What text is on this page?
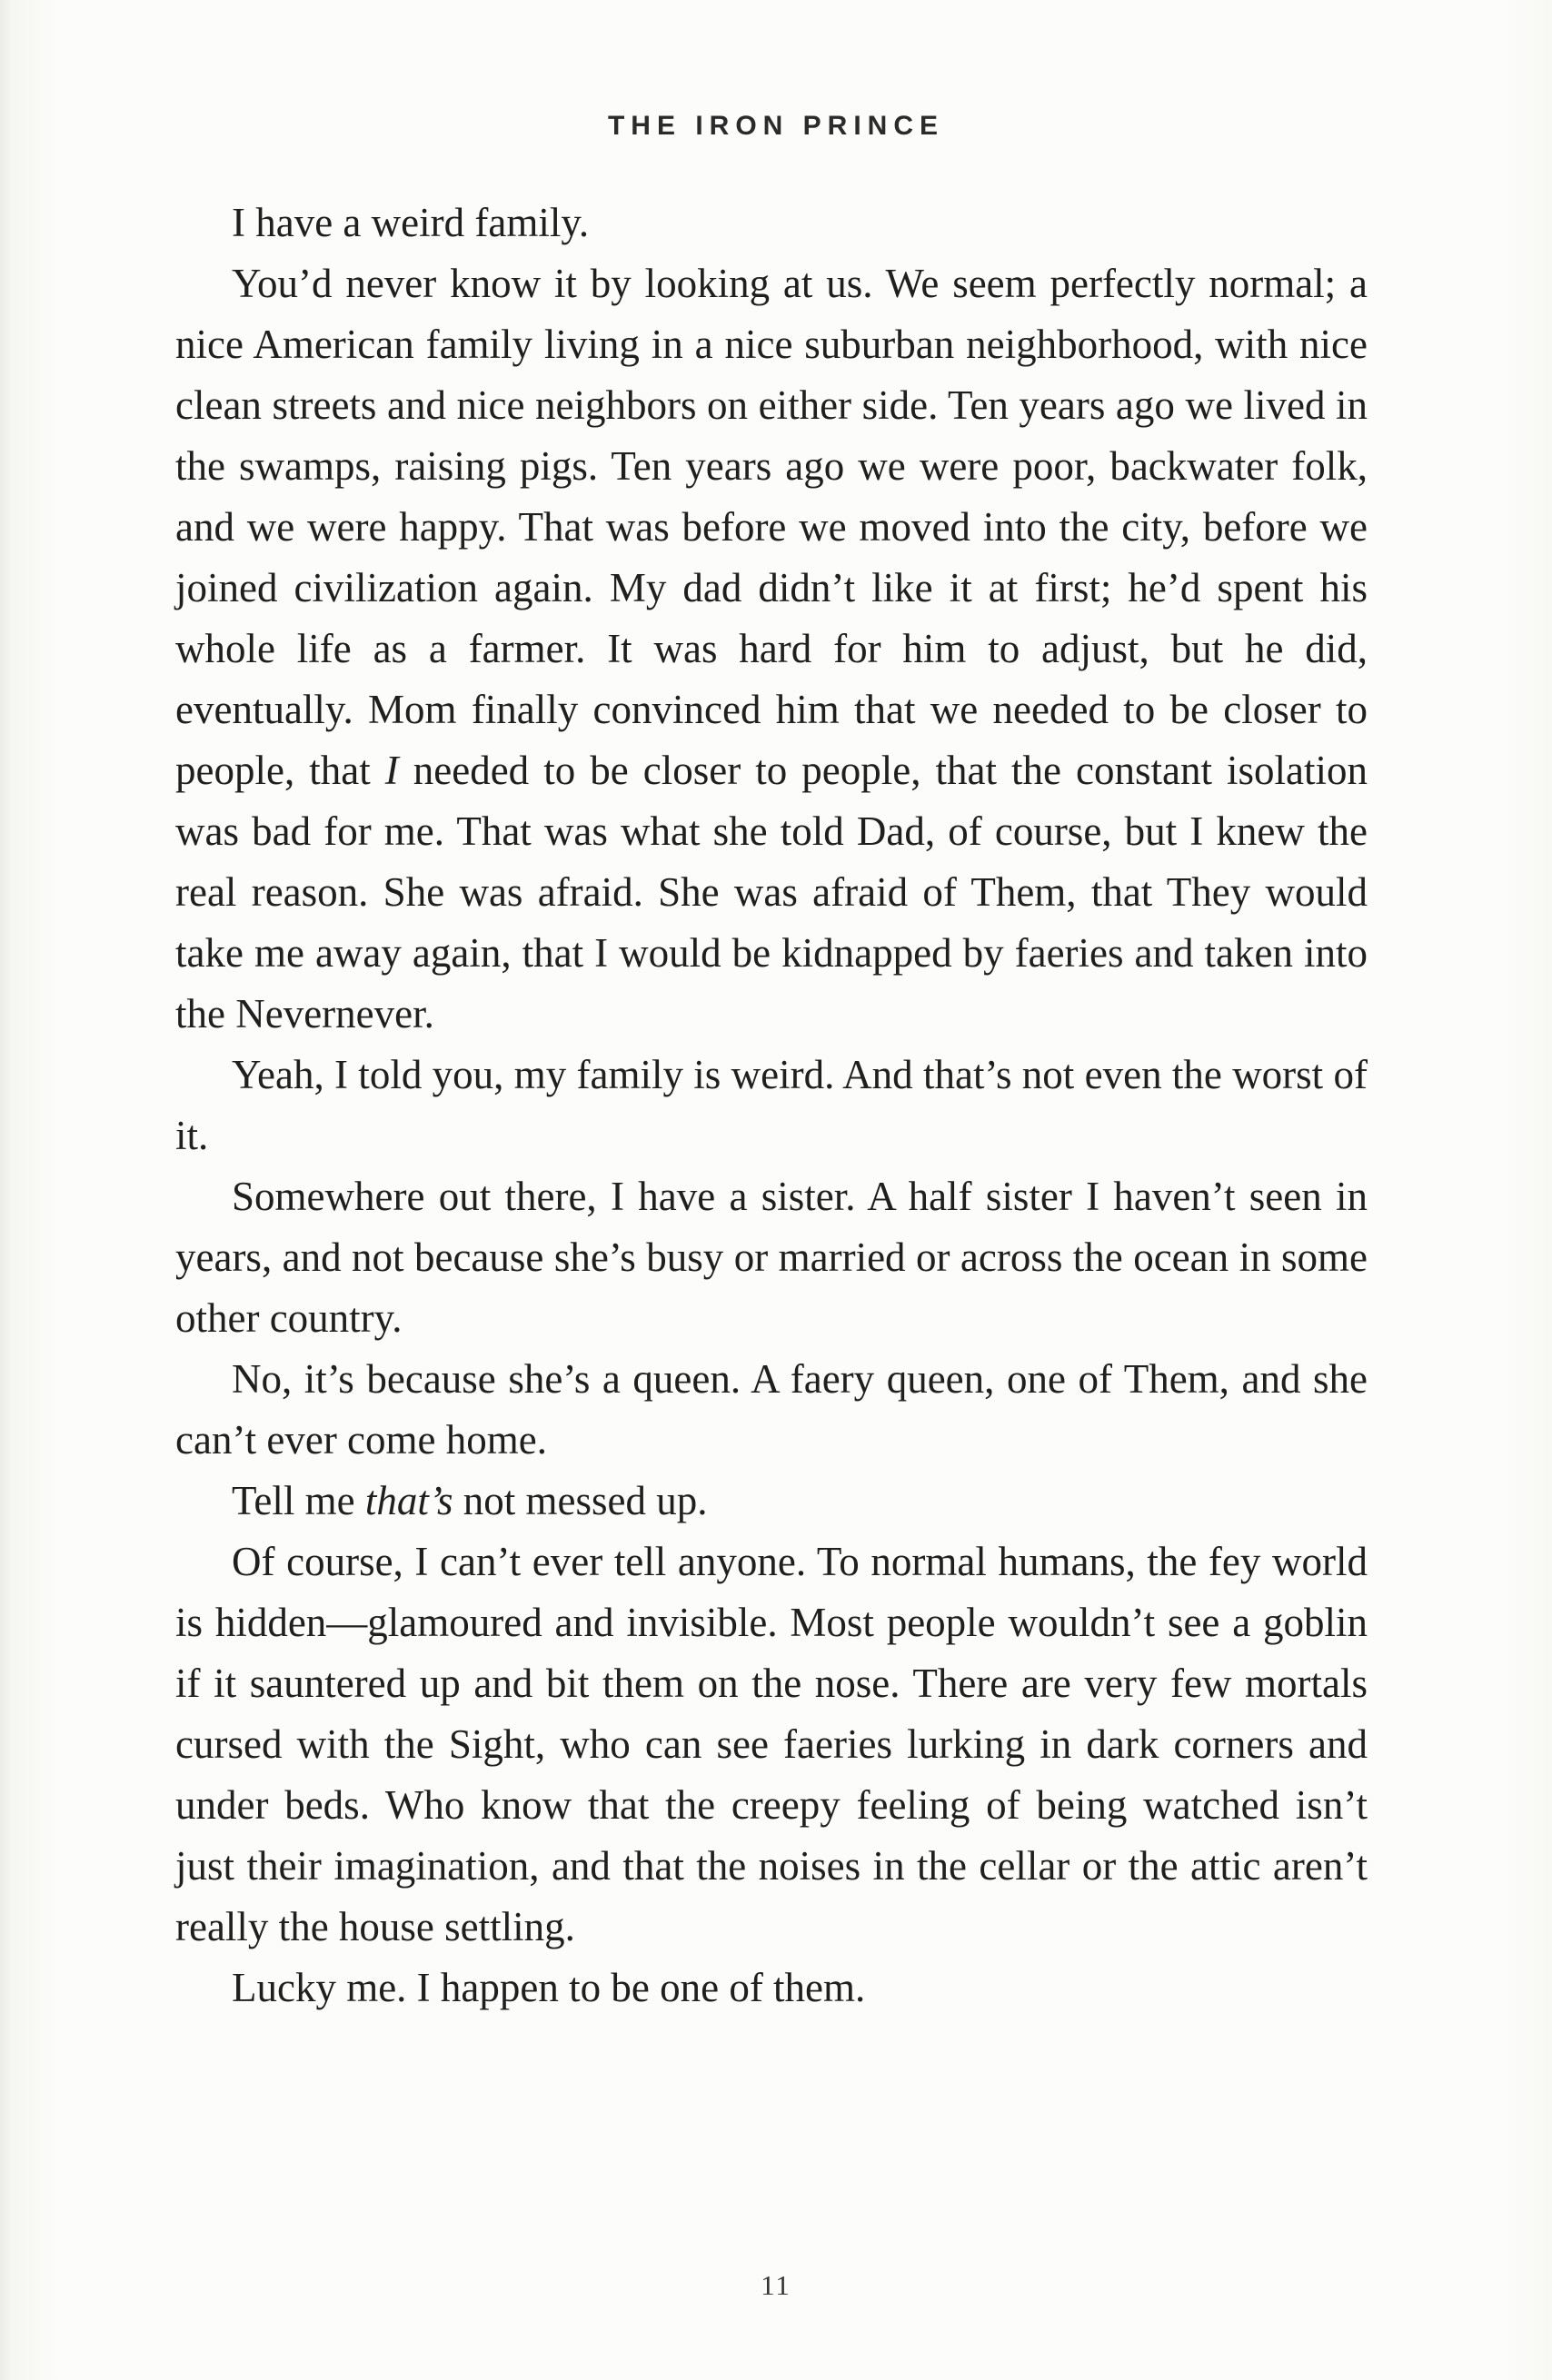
THE IRON PRINCE

I have a weird family.

You’d never know it by looking at us. We seem perfectly normal; a nice American family living in a nice suburban neighborhood, with nice clean streets and nice neighbors on either side. Ten years ago we lived in the swamps, raising pigs. Ten years ago we were poor, backwater folk, and we were happy. That was before we moved into the city, before we joined civilization again. My dad didn’t like it at first; he’d spent his whole life as a farmer. It was hard for him to adjust, but he did, eventually. Mom finally convinced him that we needed to be closer to people, that I needed to be closer to people, that the constant isolation was bad for me. That was what she told Dad, of course, but I knew the real reason. She was afraid. She was afraid of Them, that They would take me away again, that I would be kidnapped by faeries and taken into the Nevernever.

Yeah, I told you, my family is weird. And that’s not even the worst of it.

Somewhere out there, I have a sister. A half sister I haven’t seen in years, and not because she’s busy or married or across the ocean in some other country.

No, it’s because she’s a queen. A faery queen, one of Them, and she can’t ever come home.

Tell me that’s not messed up.

Of course, I can’t ever tell anyone. To normal humans, the fey world is hidden—glamoured and invisible. Most people wouldn’t see a goblin if it sauntered up and bit them on the nose. There are very few mortals cursed with the Sight, who can see faeries lurking in dark corners and under beds. Who know that the creepy feeling of being watched isn’t just their imagination, and that the noises in the cellar or the attic aren’t really the house settling.

Lucky me. I happen to be one of them.

11
